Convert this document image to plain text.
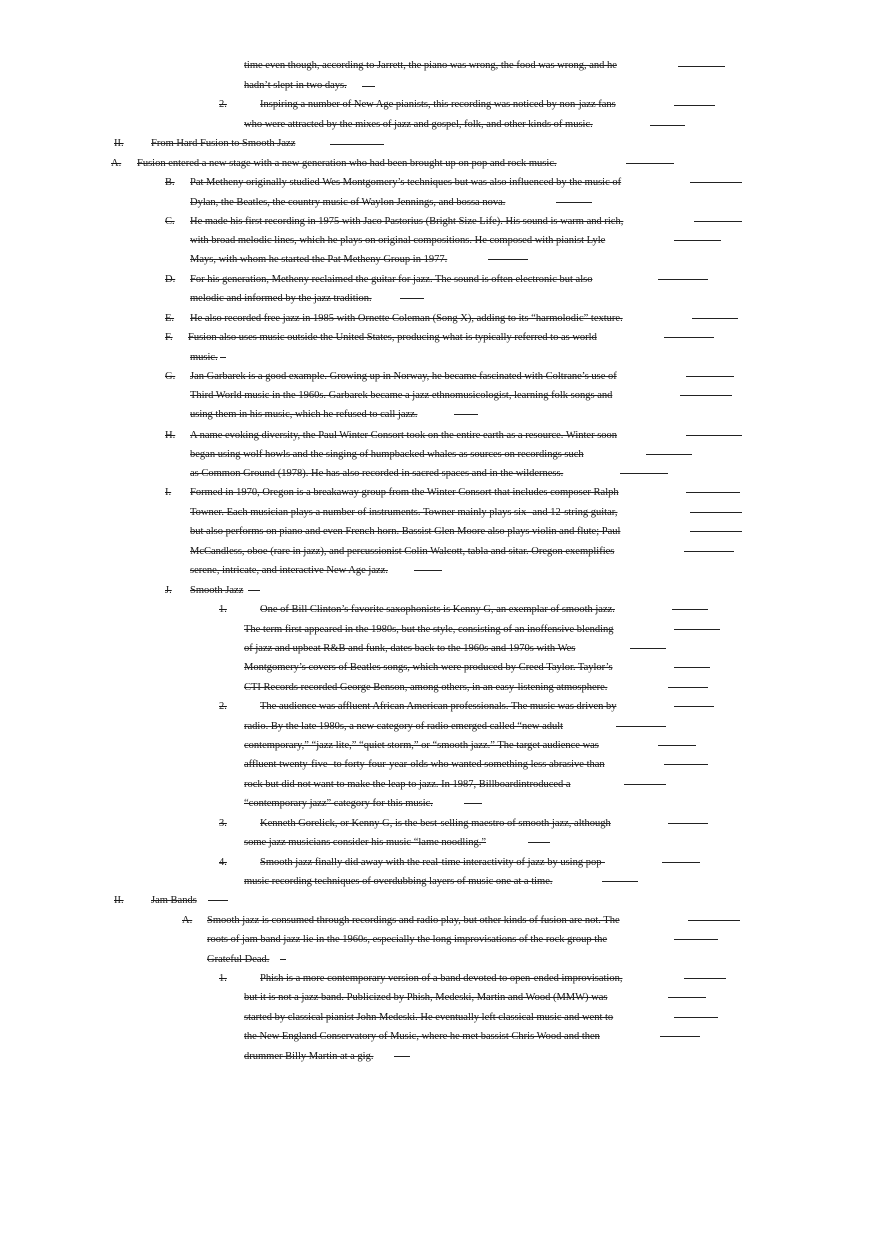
time even though, according to Jarrett, the piano was wrong, the food was wrong, and he
hadn’t slept in two days.
2.	Inspiring a number of New Age pianists, this recording was noticed by non-jazz fans
who were attracted by the mixes of jazz and gospel, folk, and other kinds of music.
II.	From Hard Fusion to Smooth Jazz
A. Fusion entered a new stage with a new generation who had been brought up on pop and rock music.
B. Pat Metheny originally studied Wes Montgomery’s techniques but was also influenced by the music of
Dylan, the Beatles, the country music of Waylon Jennings, and bossa nova.
C. He made his first recording in 1975 with Jaco Pastorius (Bright Size Life). His sound is warm and rich,
with broad melodic lines, which he plays on original compositions. He composed with pianist Lyle
Mays, with whom he started the Pat Metheny Group in 1977.
D. For his generation, Metheny reclaimed the guitar for jazz. The sound is often electronic but also
melodic and informed by the jazz tradition.
E. He also recorded free jazz in 1985 with Ornette Coleman (Song X), adding to its “harmolodic” texture.
F. Fusion also uses music outside the United States, producing what is typically referred to as world
music.
G. Jan Garbarek is a good example. Growing up in Norway, he became fascinated with Coltrane’s use of
Third World music in the 1960s. Garbarek became a jazz ethnomusicologist, learning folk songs and
using them in his music, which he refused to call jazz.
H. A name evoking diversity, the Paul Winter Consort took on the entire earth as a resource. Winter soon
began using wolf howls and the singing of humpbacked whales as sources on recordings such
as Common Ground (1978). He has also recorded in sacred spaces and in the wilderness.
I. Formed in 1970, Oregon is a breakaway group from the Winter Consort that includes composer Ralph
Towner. Each musician plays a number of instruments. Towner mainly plays six- and 12-string guitar,
but also performs on piano and even French horn. Bassist Glen Moore also plays violin and flute; Paul
McCandless, oboe (rare in jazz), and percussionist Colin Walcott, tabla and sitar. Oregon exemplifies
serene, intricate, and interactive New Age jazz.
J. Smooth Jazz
1.	One of Bill Clinton’s favorite saxophonists is Kenny G, an exemplar of smooth jazz.
The term first appeared in the 1980s, but the style, consisting of an inoffensive blending
of jazz and upbeat R&B and funk, dates back to the 1960s and 1970s with Wes
Montgomery’s covers of Beatles songs, which were produced by Creed Taylor. Taylor’s
CTI Records recorded George Benson, among others, in an easy-listening atmosphere.
2.	The audience was affluent African American professionals. The music was driven by
radio. By the late 1980s, a new category of radio emerged called “new adult
contemporary,” “jazz lite,” “quiet storm,” or “smooth jazz.” The target audience was
affluent twenty-five- to forty-four-year-olds who wanted something less abrasive than
rock but did not want to make the leap to jazz. In 1987, Billboardintroduced a
“contemporary jazz” category for this music.
3.	Kenneth Gorelick, or Kenny G, is the best-selling maestro of smooth jazz, although
some jazz musicians consider his music “lame noodling.”
4.	Smooth jazz finally did away with the real-time interactivity of jazz by using pop-
music recording techniques of overdubbing layers of music one at a time.
II.	Jam Bands
A. Smooth jazz is consumed through recordings and radio play, but other kinds of fusion are not. The
roots of jam band jazz lie in the 1960s, especially the long improvisations of the rock group the
Grateful Dead.
1.	Phish is a more contemporary version of a band devoted to open-ended improvisation,
but it is not a jazz band. Publicized by Phish, Medeski, Martin and Wood (MMW) was
started by classical pianist John Medeski. He eventually left classical music and went to
the New England Conservatory of Music, where he met bassist Chris Wood and then
drummer Billy Martin at a gig.
